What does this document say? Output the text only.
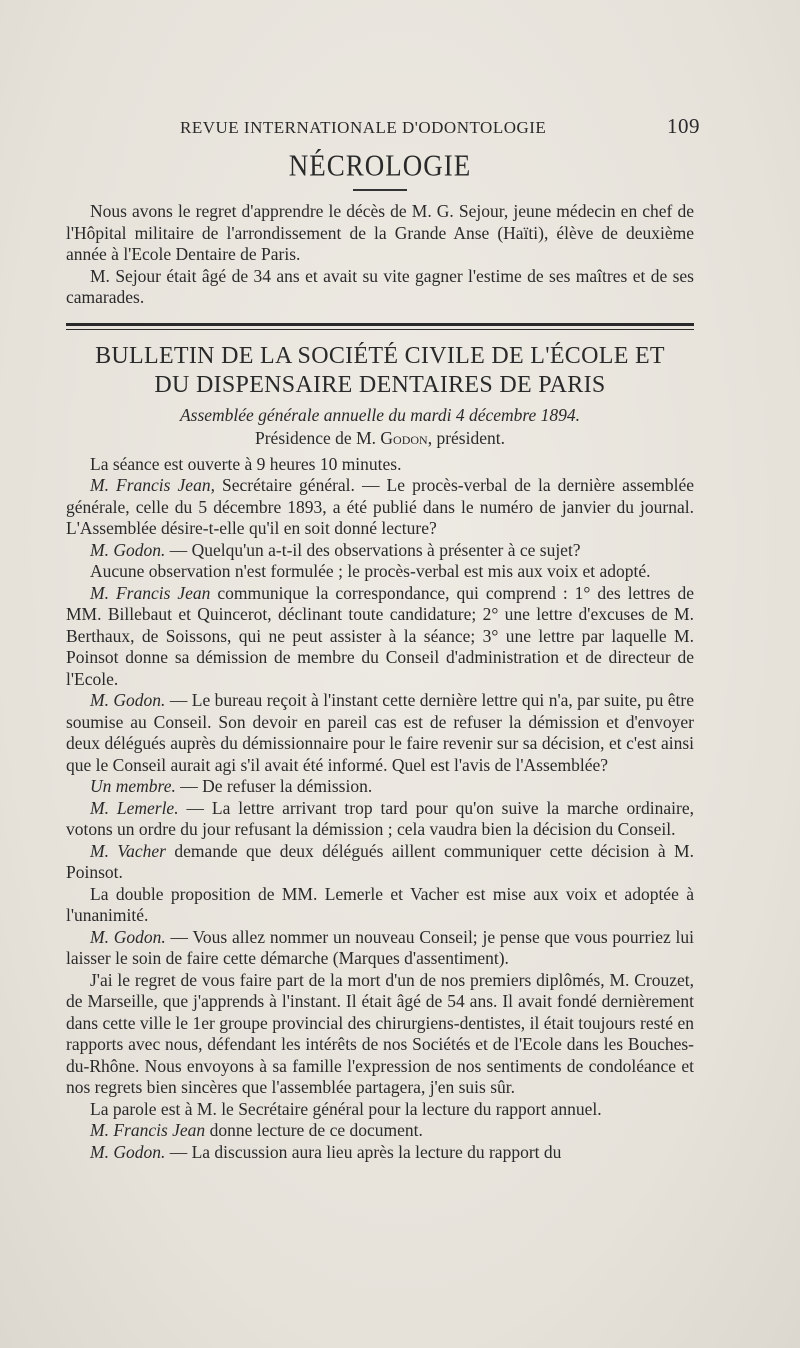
REVUE INTERNATIONALE D'ODONTOLOGIE	109
NÉCROLOGIE

Nous avons le regret d'apprendre le décès de M. G. Sejour, jeune médecin en chef de l'Hôpital militaire de l'arrondissement de la Grande Anse (Haïti), élève de deuxième année à l'Ecole Dentaire de Paris.

M. Sejour était âgé de 34 ans et avait su vite gagner l'estime de ses maîtres et de ses camarades.

BULLETIN DE LA SOCIÉTÉ CIVILE DE L'ÉCOLE ET
DU DISPENSAIRE DENTAIRES DE PARIS
Assemblée générale annuelle du mardi 4 décembre 1894.
Présidence de M. Godon, président.

La séance est ouverte à 9 heures 10 minutes.

M. Francis Jean, Secrétaire général. — Le procès-verbal de la dernière assemblée générale, celle du 5 décembre 1893, a été publié dans le numéro de janvier du journal. L'Assemblée désire-t-elle qu'il en soit donné lecture?

M. Godon. — Quelqu'un a-t-il des observations à présenter à ce sujet?

Aucune observation n'est formulée ; le procès-verbal est mis aux voix et adopté.

M. Francis Jean communique la correspondance, qui comprend : 1° des lettres de MM. Billebaut et Quincerot, déclinant toute candidature; 2° une lettre d'excuses de M. Berthaux, de Soissons, qui ne peut assister à la séance; 3° une lettre par laquelle M. Poinsot donne sa démission de membre du Conseil d'administration et de directeur de l'Ecole.

M. Godon. — Le bureau reçoit à l'instant cette dernière lettre qui n'a, par suite, pu être soumise au Conseil. Son devoir en pareil cas est de refuser la démission et d'envoyer deux délégués auprès du démissionnaire pour le faire revenir sur sa décision, et c'est ainsi que le Conseil aurait agi s'il avait été informé. Quel est l'avis de l'Assemblée?

Un membre. — De refuser la démission.

M. Lemerle. — La lettre arrivant trop tard pour qu'on suive la marche ordinaire, votons un ordre du jour refusant la démission ; cela vaudra bien la décision du Conseil.

M. Vacher demande que deux délégués aillent communiquer cette décision à M. Poinsot.

La double proposition de MM. Lemerle et Vacher est mise aux voix et adoptée à l'unanimité.

M. Godon. — Vous allez nommer un nouveau Conseil; je pense que vous pourriez lui laisser le soin de faire cette démarche (Marques d'assentiment).

J'ai le regret de vous faire part de la mort d'un de nos premiers diplômés, M. Crouzet, de Marseille, que j'apprends à l'instant. Il était âgé de 54 ans. Il avait fondé dernièrement dans cette ville le 1er groupe provincial des chirurgiens-dentistes, il était toujours resté en rapports avec nous, défendant les intérêts de nos Sociétés et de l'Ecole dans les Bouches-du-Rhône. Nous envoyons à sa famille l'expression de nos sentiments de condoléance et nos regrets bien sincères que l'assemblée partagera, j'en suis sûr.

La parole est à M. le Secrétaire général pour la lecture du rapport annuel.

M. Francis Jean donne lecture de ce document.

M. Godon. — La discussion aura lieu après la lecture du rapport du
